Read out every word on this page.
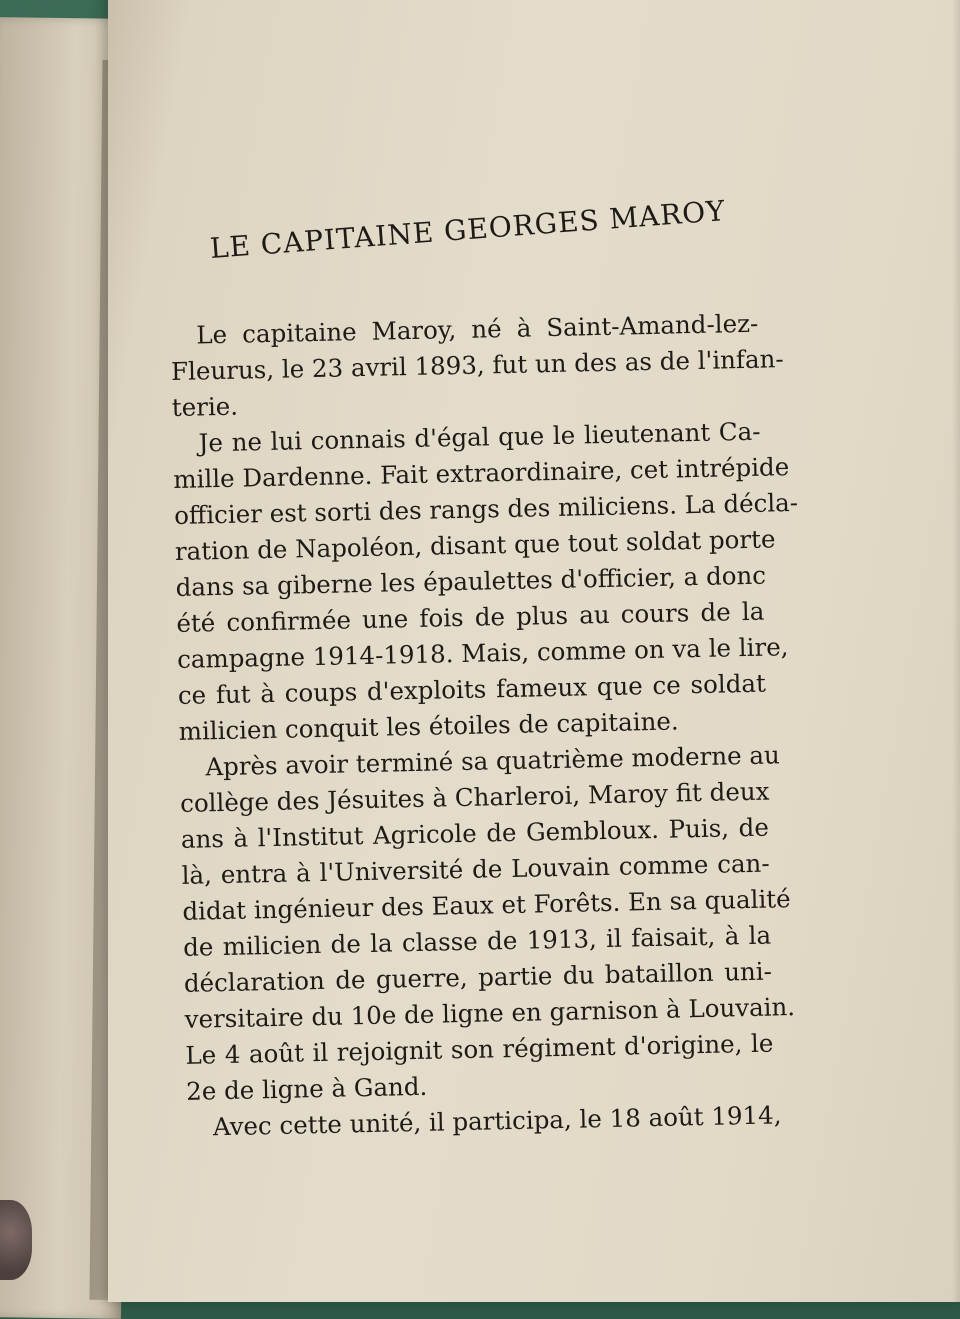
LE CAPITAINE GEORGES MAROY
Le capitaine Maroy, né à Saint-Amand-lez-
Fleurus, le 23 avril 1893, fut un des as de l'infan-
terie.
Je ne lui connais d'égal que le lieutenant Ca-
mille Dardenne. Fait extraordinaire, cet intrépide
officier est sorti des rangs des miliciens. La décla-
ration de Napoléon, disant que tout soldat porte
dans sa giberne les épaulettes d'officier, a donc
été confirmée une fois de plus au cours de la
campagne 1914-1918. Mais, comme on va le lire,
ce fut à coups d'exploits fameux que ce soldat
milicien conquit les étoiles de capitaine.
Après avoir terminé sa quatrième moderne au
collège des Jésuites à Charleroi, Maroy fit deux
ans à l'Institut Agricole de Gembloux. Puis, de
là, entra à l'Université de Louvain comme can-
didat ingénieur des Eaux et Forêts. En sa qualité
de milicien de la classe de 1913, il faisait, à la
déclaration de guerre, partie du bataillon uni-
versitaire du 10e de ligne en garnison à Louvain.
Le 4 août il rejoignit son régiment d'origine, le
2e de ligne à Gand.
Avec cette unité, il participa, le 18 août 1914,
